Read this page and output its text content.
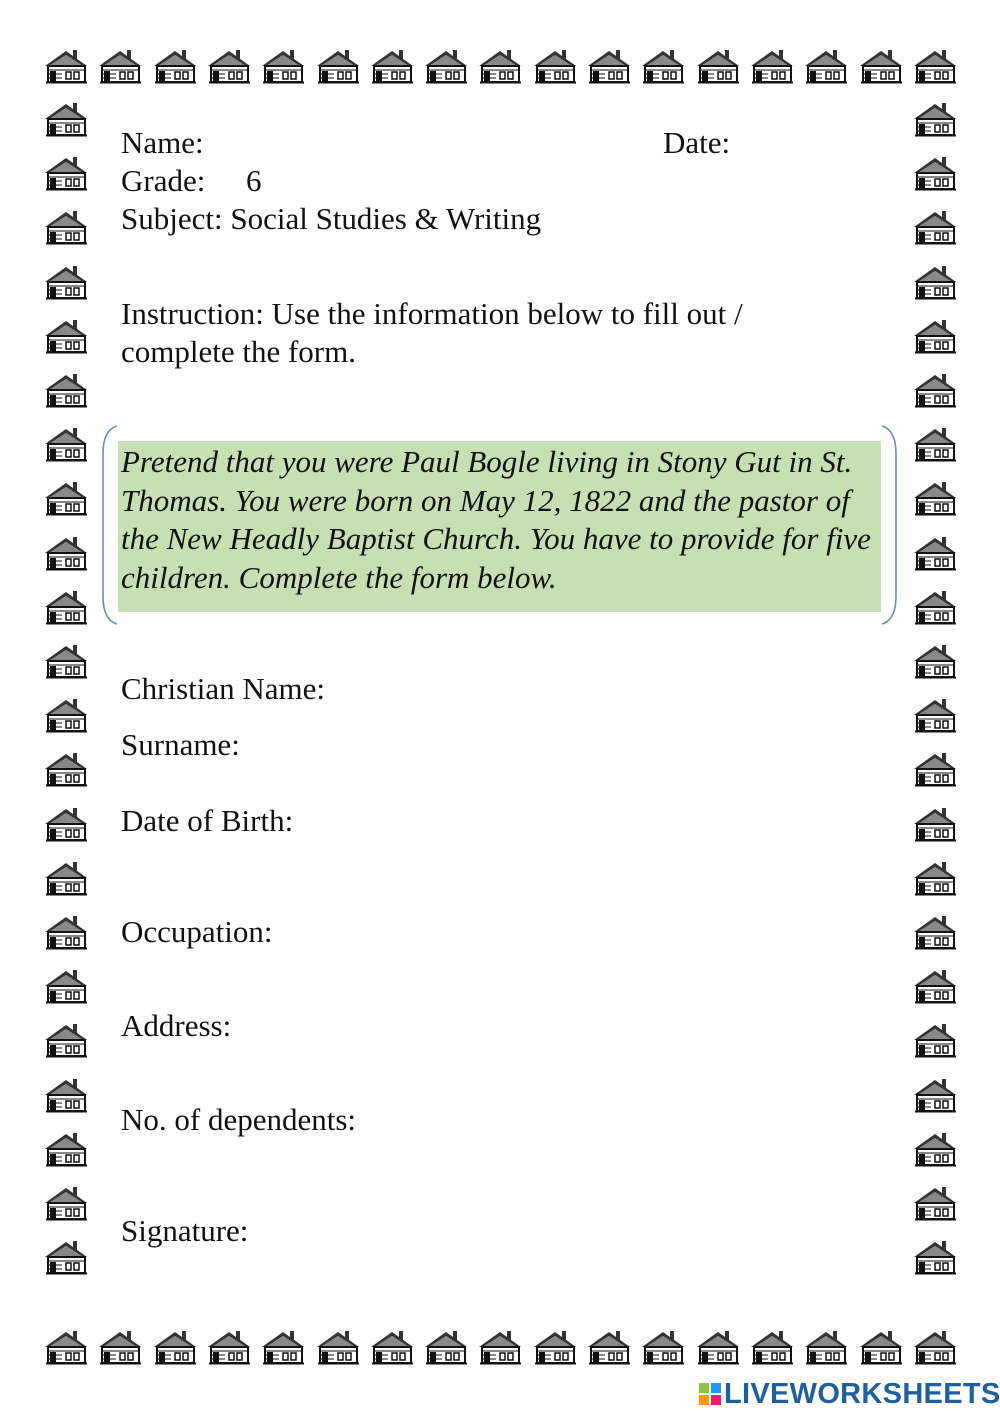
Name:	Date:

Grade: 6

Subject: Social Studies & Writing

Instruction: Use the information below to fill out /

complete the form.

Pretend that you were Paul Bogle living in Stony Gut in St. Thomas. You were born on May 12, 1822 and the pastor of the New Headly Baptist Church. You have to provide for five children. Complete the form below.

Christian Name:

Surname:

Date of Birth:

Occupation:

Address:

No. of dependents:

Signature:

LIVEWORKSHEETS
